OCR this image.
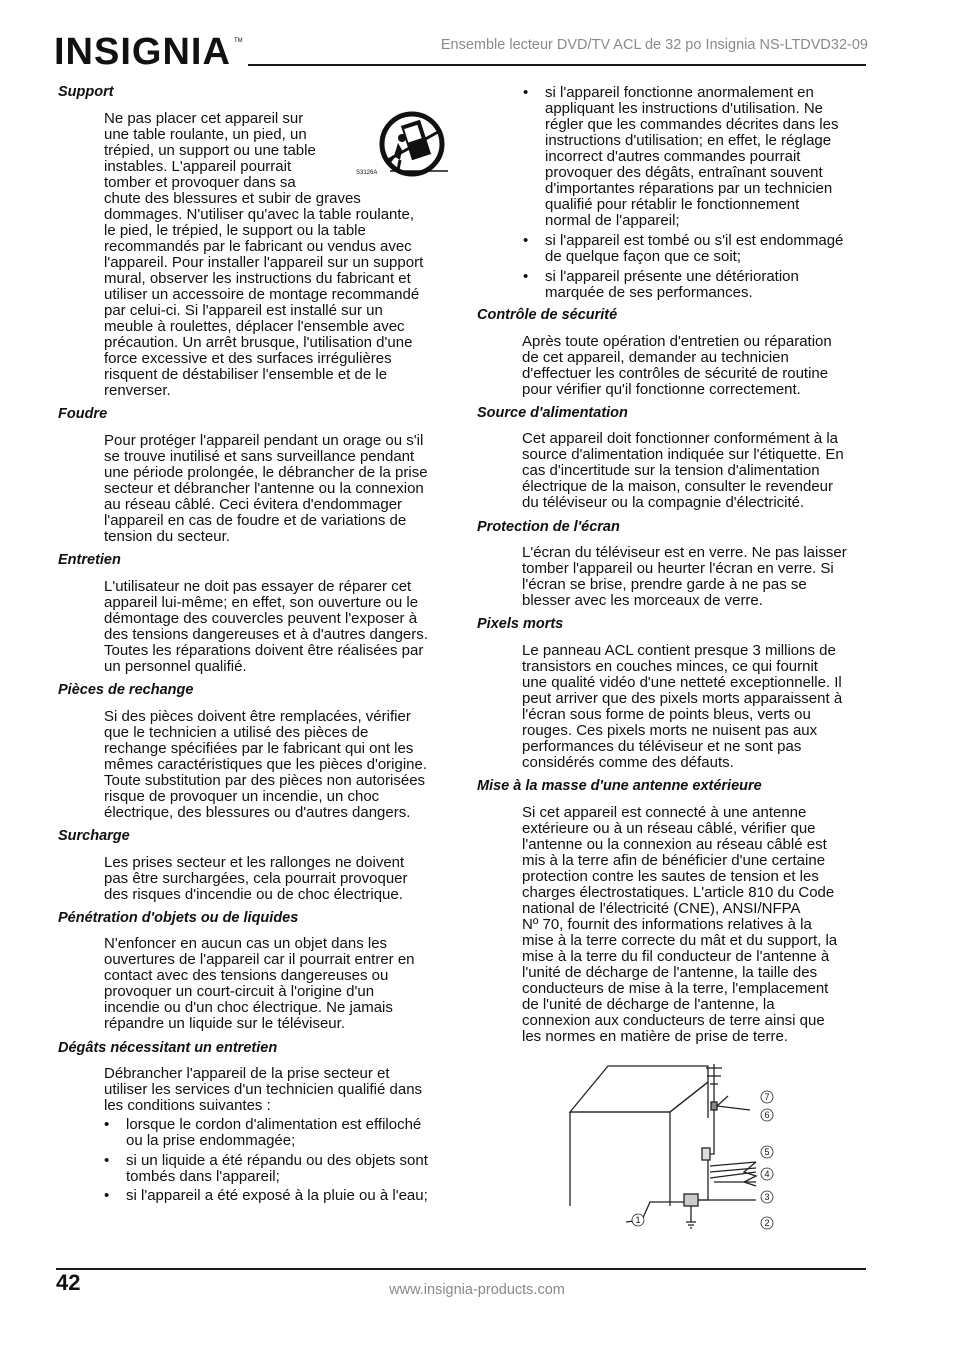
INSIGNIA TM	Ensemble lecteur DVD/TV ACL de 32 po Insignia NS-LTDVD32-09
S3126A
Support
Ne pas placer cet appareil sur
une table roulante, un pied, un
trépied, un support ou une table
instables. L'appareil pourrait
tomber et provoquer dans sa
chute des blessures et subir de graves
dommages. N'utiliser qu'avec la table roulante,
le pied, le trépied, le support ou la table
recommandés par le fabricant ou vendus avec
l'appareil. Pour installer l'appareil sur un support
mural, observer les instructions du fabricant et
utiliser un accessoire de montage recommandé
par celui-ci. Si l'appareil est installé sur un
meuble à roulettes, déplacer l'ensemble avec
précaution. Un arrêt brusque, l'utilisation d'une
force excessive et des surfaces irrégulières
risquent de déstabiliser l'ensemble et de le
renverser.
Foudre
Pour protéger l'appareil pendant un orage ou s'il
se trouve inutilisé et sans surveillance pendant
une période prolongée, le débrancher de la prise
secteur et débrancher l'antenne ou la connexion
au réseau câblé. Ceci évitera d'endommager
l'appareil en cas de foudre et de variations de
tension du secteur.
Entretien
L'utilisateur ne doit pas essayer de réparer cet
appareil lui-même; en effet, son ouverture ou le
démontage des couvercles peuvent l'exposer à
des tensions dangereuses et à d'autres dangers.
Toutes les réparations doivent être réalisées par
un personnel qualifié.
Pièces de rechange
Si des pièces doivent être remplacées, vérifier
que le technicien a utilisé des pièces de
rechange spécifiées par le fabricant qui ont les
mêmes caractéristiques que les pièces d'origine.
Toute substitution par des pièces non autorisées
risque de provoquer un incendie, un choc
électrique, des blessures ou d'autres dangers.
Surcharge
Les prises secteur et les rallonges ne doivent
pas être surchargées, cela pourrait provoquer
des risques d'incendie ou de choc électrique.
Pénétration d'objets ou de liquides
N'enfoncer en aucun cas un objet dans les
ouvertures de l'appareil car il pourrait entrer en
contact avec des tensions dangereuses ou
provoquer un court-circuit à l'origine d'un
incendie ou d'un choc électrique. Ne jamais
répandre un liquide sur le téléviseur.
Dégâts nécessitant un entretien
Débrancher l'appareil de la prise secteur et
utiliser les services d'un technicien qualifié dans
les conditions suivantes :
• lorsque le cordon d'alimentation est effiloché
ou la prise endommagée;
• si un liquide a été répandu ou des objets sont
tombés dans l'appareil;
• si l'appareil a été exposé à la pluie ou à l'eau;
• si l'appareil fonctionne anormalement en
appliquant les instructions d'utilisation. Ne
régler que les commandes décrites dans les
instructions d'utilisation; en effet, le réglage
incorrect d'autres commandes pourrait
provoquer des dégâts, entraînant souvent
d'importantes réparations par un technicien
qualifié pour rétablir le fonctionnement
normal de l'appareil;
• si l'appareil est tombé ou s'il est endommagé
de quelque façon que ce soit;
• si l'appareil présente une détérioration
marquée de ses performances.
Contrôle de sécurité
Après toute opération d'entretien ou réparation
de cet appareil, demander au technicien
d'effectuer les contrôles de sécurité de routine
pour vérifier qu'il fonctionne correctement.
Source d'alimentation
Cet appareil doit fonctionner conformément à la
source d'alimentation indiquée sur l'étiquette. En
cas d'incertitude sur la tension d'alimentation
électrique de la maison, consulter le revendeur
du téléviseur ou la compagnie d'électricité.
Protection de l'écran
L'écran du téléviseur est en verre. Ne pas laisser
tomber l'appareil ou heurter l'écran en verre. Si
l'écran se brise, prendre garde à ne pas se
blesser avec les morceaux de verre.
Pixels morts
Le panneau ACL contient presque 3 millions de
transistors en couches minces, ce qui fournit
une qualité vidéo d'une netteté exceptionnelle. Il
peut arriver que des pixels morts apparaissent à
l'écran sous forme de points bleus, verts ou
rouges. Ces pixels morts ne nuisent pas aux
performances du téléviseur et ne sont pas
considérés comme des défauts.
Mise à la masse d'une antenne extérieure
Si cet appareil est connecté à une antenne
extérieure ou à un réseau câblé, vérifier que
l'antenne ou la connexion au réseau câblé est
mis à la terre afin de bénéficier d'une certaine
protection contre les sautes de tension et les
charges électrostatiques. L'article 810 du Code
national de l'électricité (CNE), ANSI/NFPA
Nº 70, fournit des informations relatives à la
mise à la terre correcte du mât et du support, la
mise à la terre du fil conducteur de l'antenne à
l'unité de décharge de l'antenne, la taille des
conducteurs de mise à la terre, l'emplacement
de l'unité de décharge de l'antenne, la
connexion aux conducteurs de terre ainsi que
les normes en matière de prise de terre.
7
6
5
4
3
2
1
42	www.insignia-products.com
